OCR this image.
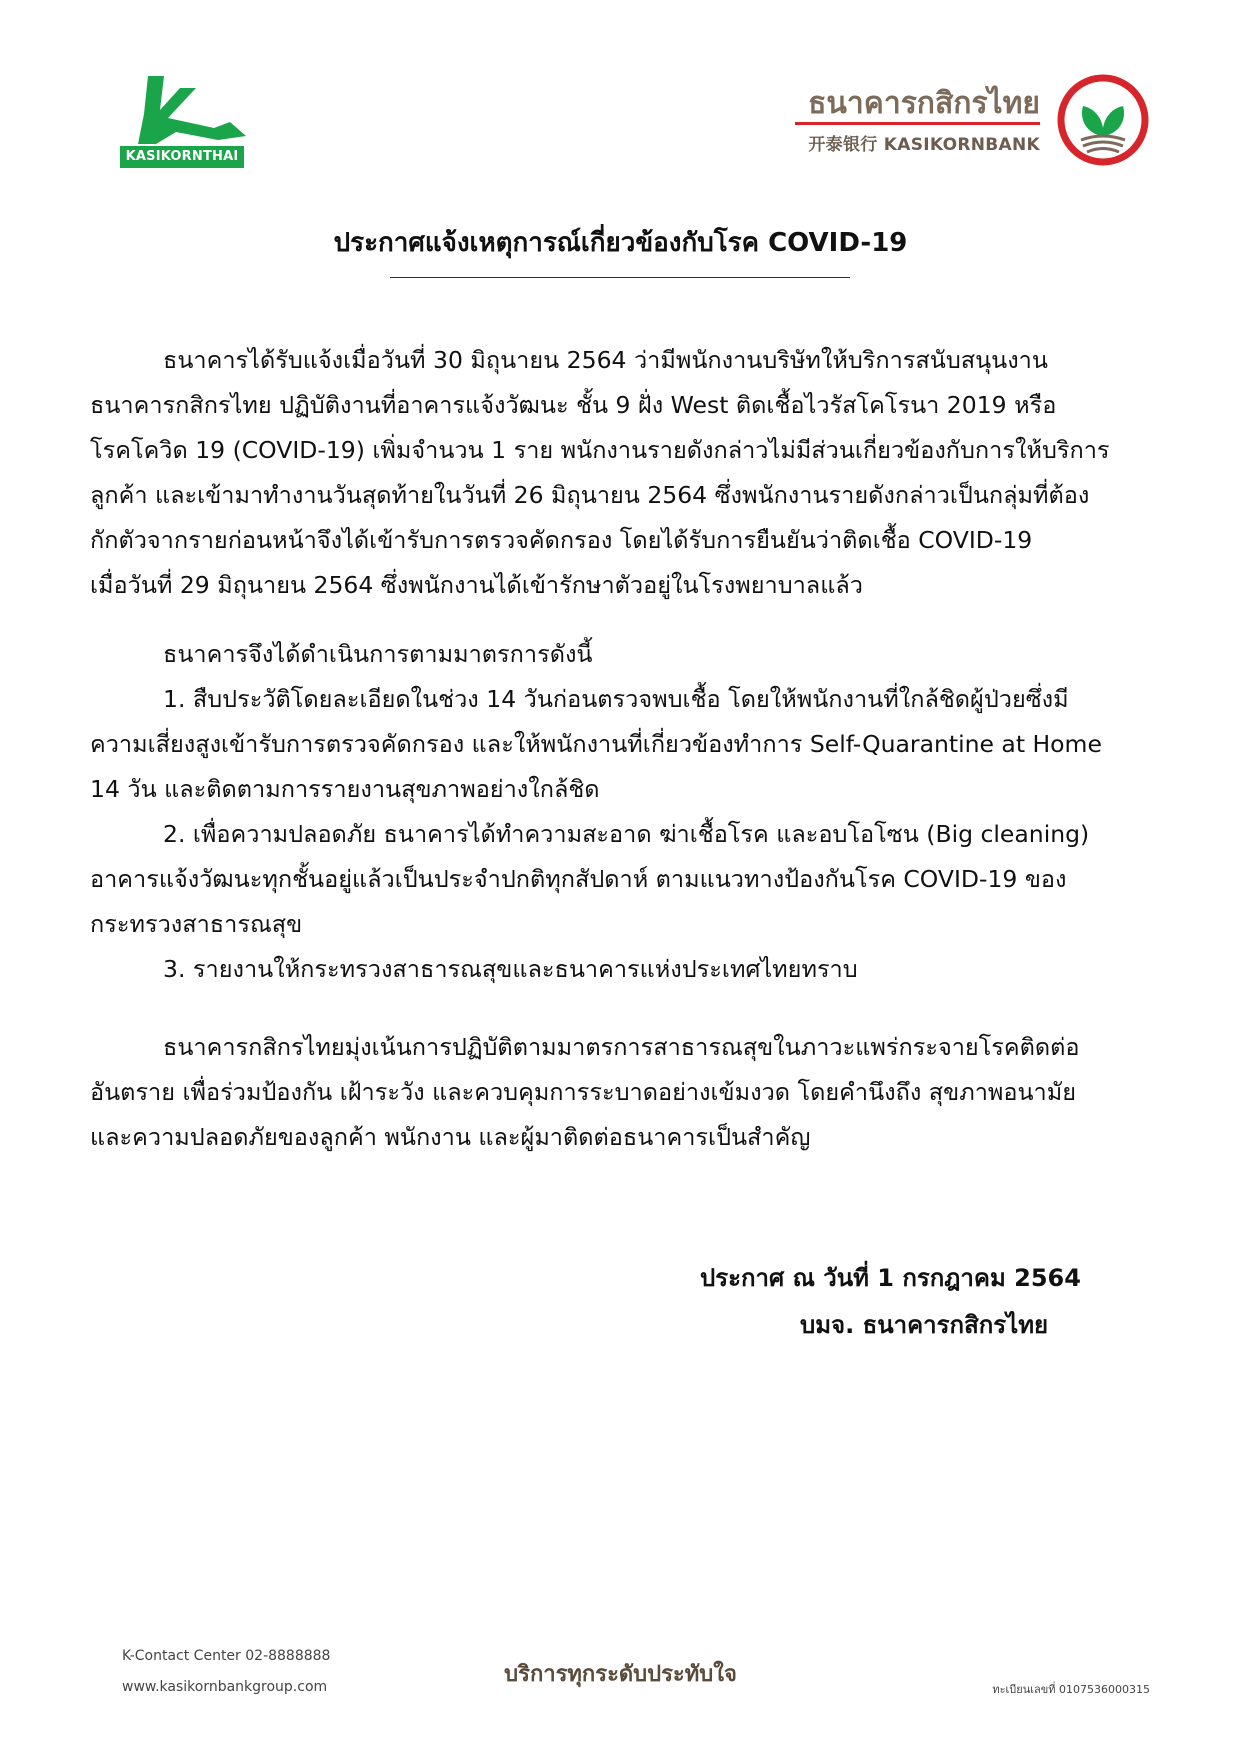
KASIKORNTHAI
ธนาคารกสิกรไทย
开泰银行 KASIKORNBANK
ประกาศแจ้งเหตุการณ์เกี่ยวข้องกับโรค COVID-19
ธนาคารได้รับแจ้งเมื่อวันที่ 30 มิถุนายน 2564 ว่ามีพนักงานบริษัทให้บริการสนับสนุนงาน
ธนาคารกสิกรไทย ปฏิบัติงานที่อาคารแจ้งวัฒนะ ชั้น 9 ฝั่ง West ติดเชื้อไวรัสโคโรนา 2019 หรือ
โรคโควิด 19 (COVID-19) เพิ่มจำนวน 1 ราย พนักงานรายดังกล่าวไม่มีส่วนเกี่ยวข้องกับการให้บริการ
ลูกค้า และเข้ามาทำงานวันสุดท้ายในวันที่ 26 มิถุนายน 2564 ซึ่งพนักงานรายดังกล่าวเป็นกลุ่มที่ต้อง
กักตัวจากรายก่อนหน้าจึงได้เข้ารับการตรวจคัดกรอง โดยได้รับการยืนยันว่าติดเชื้อ COVID-19
เมื่อวันที่ 29 มิถุนายน 2564 ซึ่งพนักงานได้เข้ารักษาตัวอยู่ในโรงพยาบาลแล้ว
ธนาคารจึงได้ดำเนินการตามมาตรการดังนี้
1. สืบประวัติโดยละเอียดในช่วง 14 วันก่อนตรวจพบเชื้อ โดยให้พนักงานที่ใกล้ชิดผู้ป่วยซึ่งมี
ความเสี่ยงสูงเข้ารับการตรวจคัดกรอง และให้พนักงานที่เกี่ยวข้องทำการ Self-Quarantine at Home
14 วัน และติดตามการรายงานสุขภาพอย่างใกล้ชิด
2. เพื่อความปลอดภัย ธนาคารได้ทำความสะอาด ฆ่าเชื้อโรค และอบโอโซน (Big cleaning)
อาคารแจ้งวัฒนะทุกชั้นอยู่แล้วเป็นประจำปกติทุกสัปดาห์ ตามแนวทางป้องกันโรค COVID-19 ของ
กระทรวงสาธารณสุข
3. รายงานให้กระทรวงสาธารณสุขและธนาคารแห่งประเทศไทยทราบ
ธนาคารกสิกรไทยมุ่งเน้นการปฏิบัติตามมาตรการสาธารณสุขในภาวะแพร่กระจายโรคติดต่อ
อันตราย เพื่อร่วมป้องกัน เฝ้าระวัง และควบคุมการระบาดอย่างเข้มงวด โดยคำนึงถึง สุขภาพอนามัย
และความปลอดภัยของลูกค้า พนักงาน และผู้มาติดต่อธนาคารเป็นสำคัญ
ประกาศ ณ วันที่ 1 กรกฎาคม 2564
บมจ. ธนาคารกสิกรไทย
K-Contact Center 02-8888888
www.kasikornbankgroup.com	บริการทุกระดับประทับใจ
ทะเบียนเลขที่ 0107536000315
